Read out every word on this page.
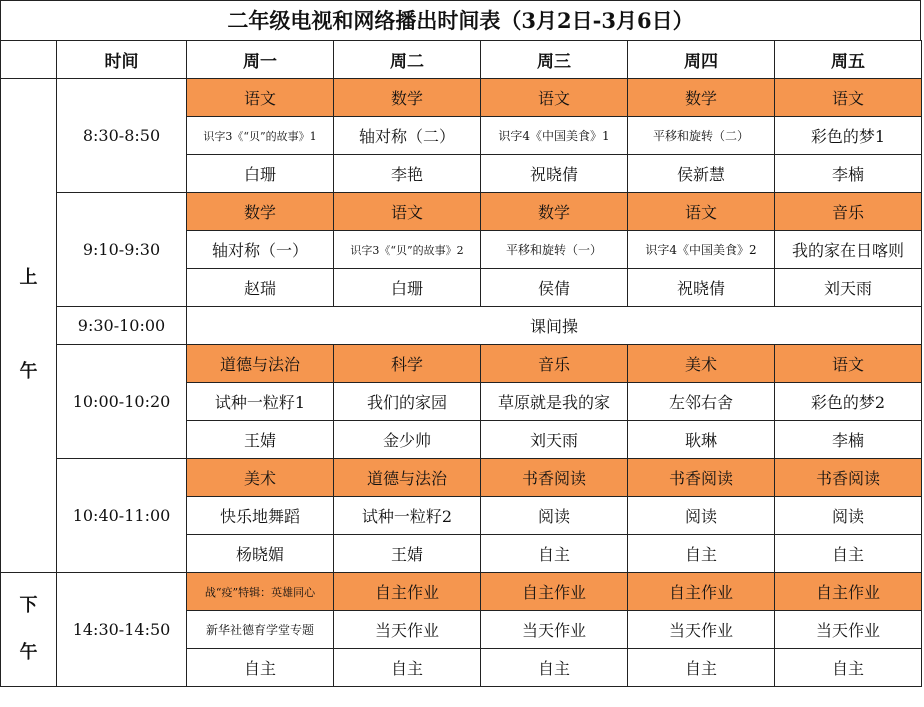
二年级电视和网络播出时间表（3月2日-3月6日）
	时间	周一	周二	周三	周四	周五
上

午	8:30-8:50	语文	数学	语文	数学	语文
		识字3《“贝”的故事》1	轴对称（二）	识字4《中国美食》1	平移和旋转（二）	彩色的梦1
		白珊	李艳	祝晓倩	侯新慧	李楠
	9:10-9:30	数学	语文	数学	语文	音乐
		轴对称（一）	识字3《“贝”的故事》2	平移和旋转（一）	识字4《中国美食》2	我的家在日喀则
		赵瑞	白珊	侯倩	祝晓倩	刘天雨
	9:30-10:00	课间操				
	10:00-10:20	道德与法治	科学	音乐	美术	语文
		试种一粒籽1	我们的家园	草原就是我的家	左邻右舍	彩色的梦2
		王婧	金少帅	刘天雨	耿琳	李楠
	10:40-11:00	美术	道德与法治	书香阅读	书香阅读	书香阅读
		快乐地舞蹈	试种一粒籽2	阅读	阅读	阅读
		杨晓媚	王婧	自主	自主	自主
下
午	14:30-14:50	战“疫”特辑：英雄同心	自主作业	自主作业	自主作业	自主作业
		新华社德育学堂专题	当天作业	当天作业	当天作业	当天作业
		自主	自主	自主	自主	自主
